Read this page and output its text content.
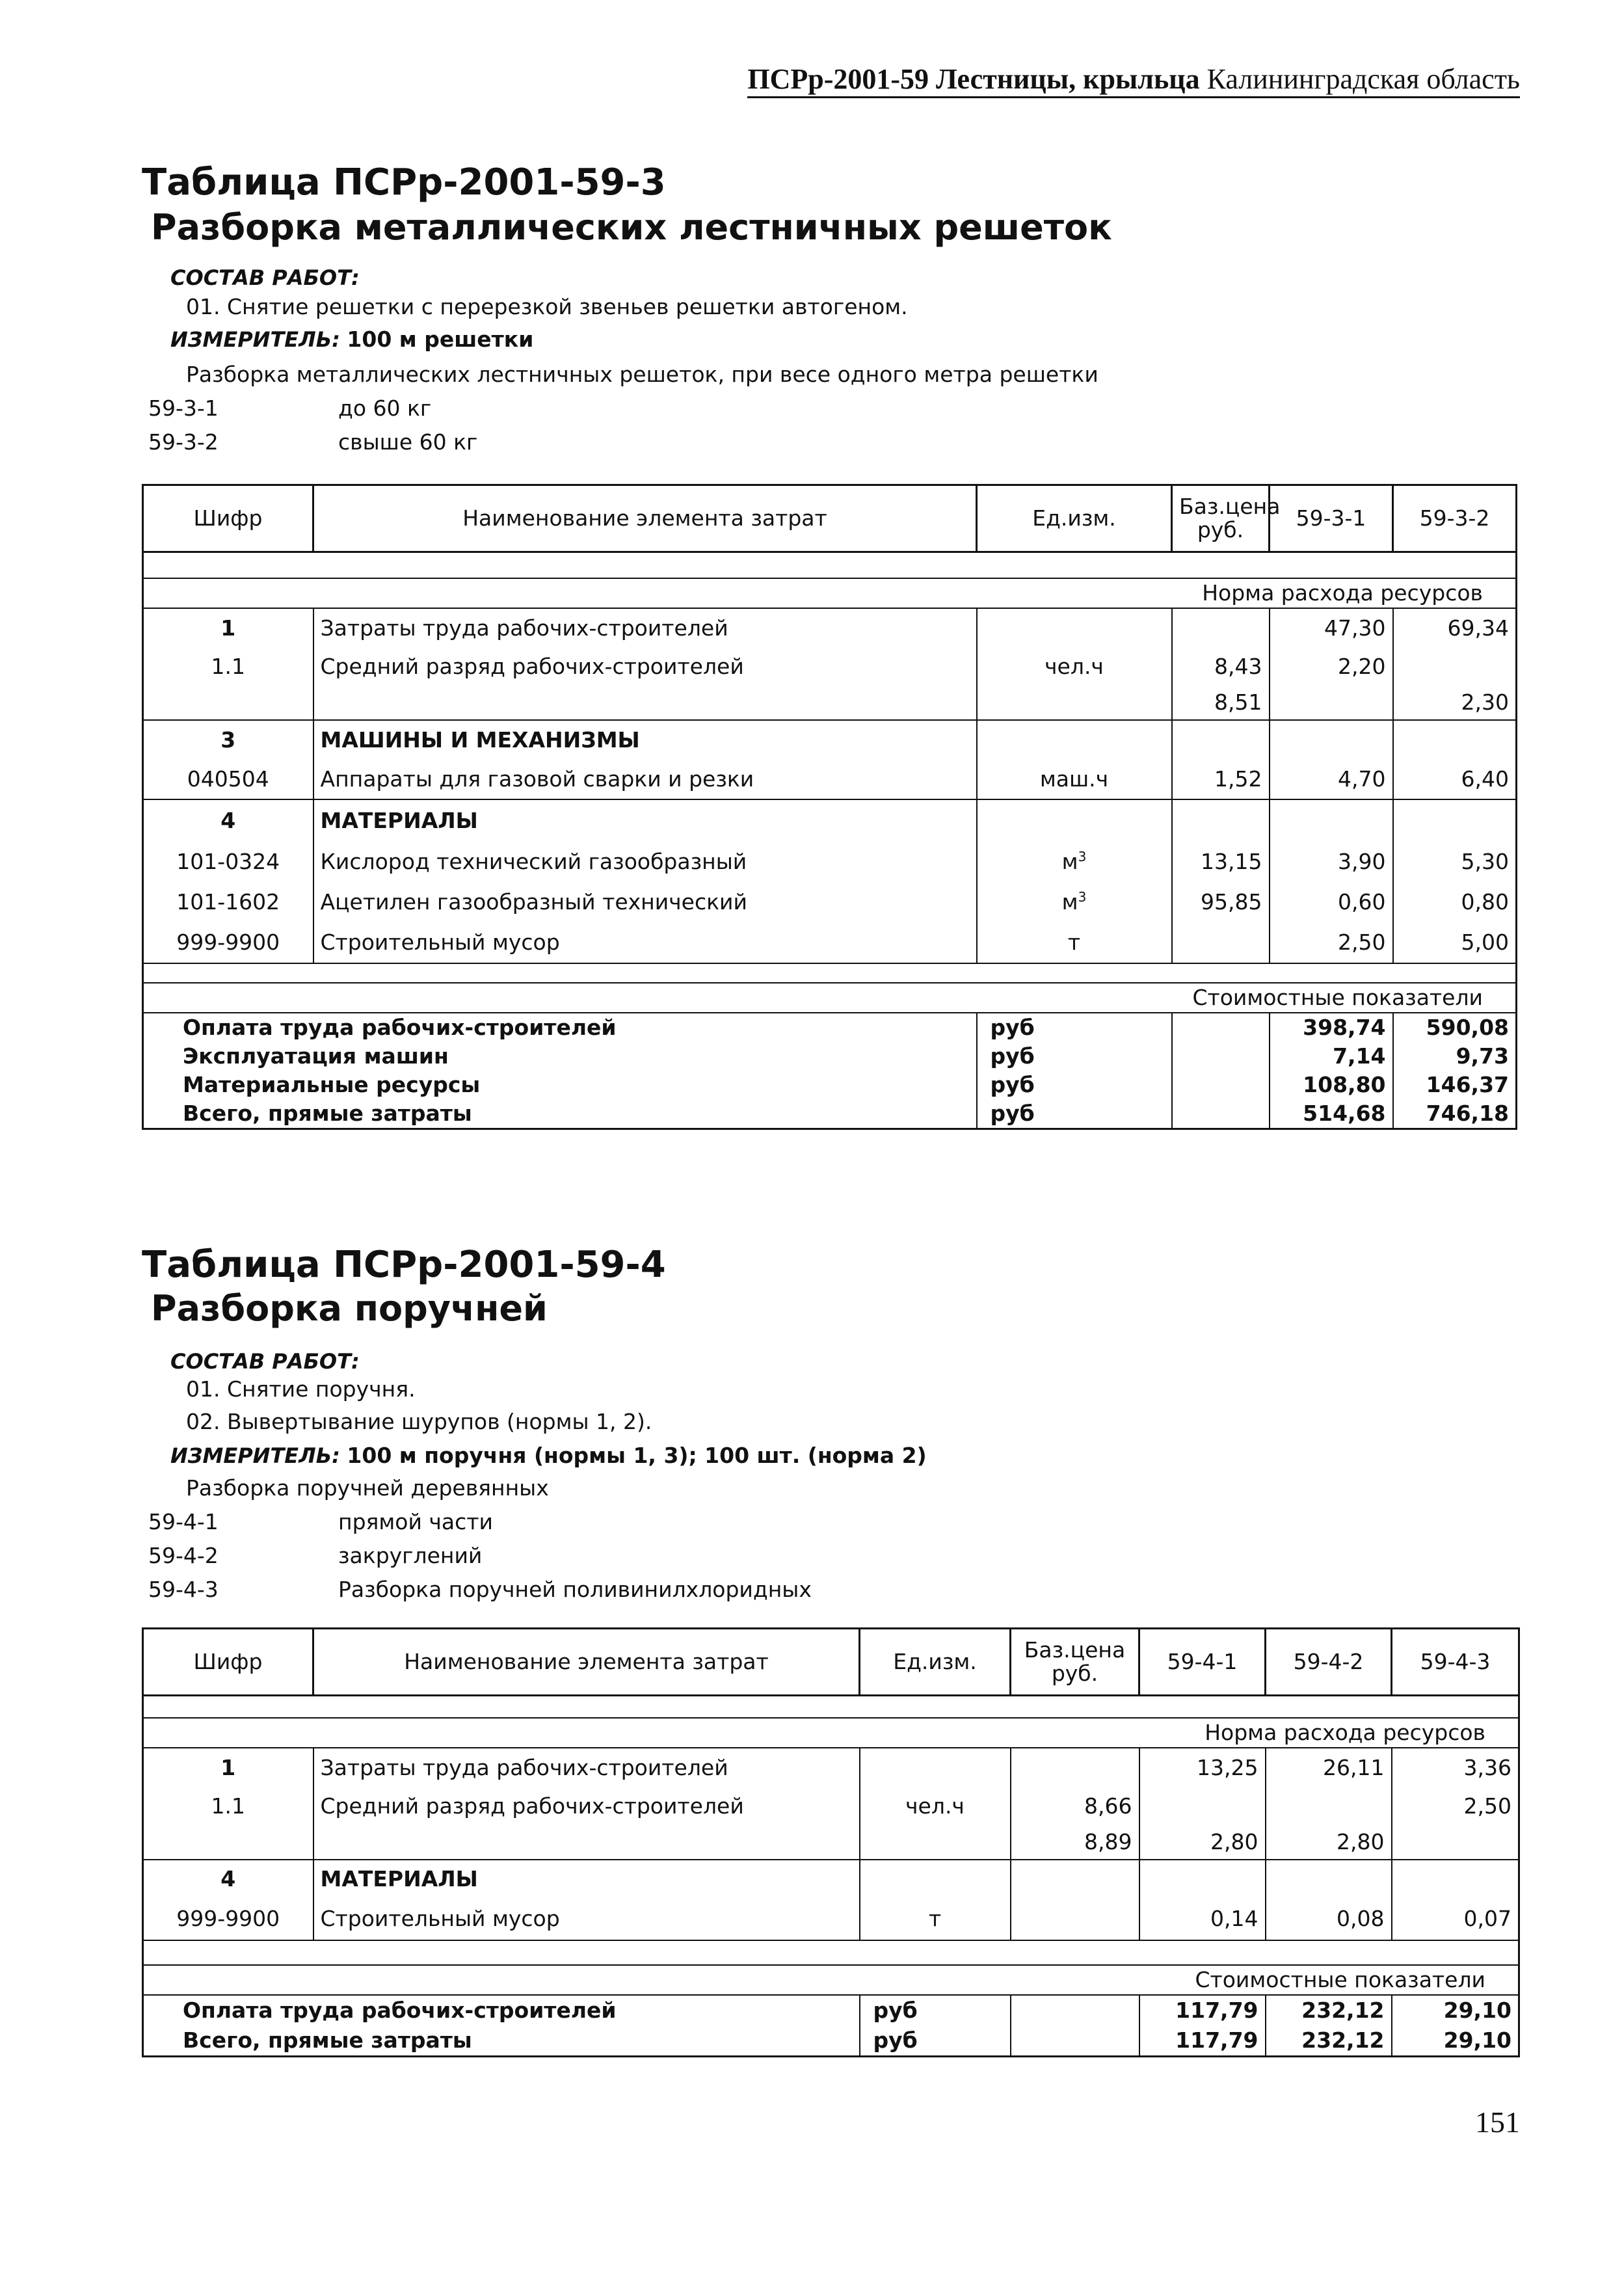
ПСРр-2001-59 Лестницы, крыльца Калининградская область
Таблица ПСРр-2001-59-3
Разборка металлических лестничных решеток
СОСТАВ РАБОТ:
01. Снятие решетки с перерезкой звеньев решетки автогеном.
ИЗМЕРИТЕЛЬ: 100 м решетки
Разборка металлических лестничных решеток, при весе одного метра решетки
59-3-1	до 60 кг
59-3-2	свыше 60 кг
Шифр	Наименование элемента затрат	Ед.изм.	Баз.цена руб.	59-3-1	59-3-2

Норма расхода ресурсов					
1	Затраты труда рабочих-строителей			47,30	69,34
1.1	Средний разряд рабочих-строителей	чел.ч	8,43	2,20	
			8,51		2,30
3	МАШИНЫ И МЕХАНИЗМЫ				
040504	Аппараты для газовой сварки и резки	маш.ч	1,52	4,70	6,40
4	МАТЕРИАЛЫ				
101-0324	Кислород технический газообразный	$м^3$	13,15	3,90	5,30
101-1602	Ацетилен газообразный технический	$м^3$	95,85	0,60	0,80
999-9900	Строительный мусор	т		2,50	5,00

Стоимостные показатели					
Оплата труда рабочих-строителей		руб		398,74	590,08
Эксплуатация машин		руб		7,14	9,73
Материальные ресурсы		руб		108,80	146,37
Всего, прямые затраты		руб		514,68	746,18
Таблица ПСРр-2001-59-4
Разборка поручней
СОСТАВ РАБОТ:
01. Снятие поручня.
02. Вывертывание шурупов (нормы 1, 2).
ИЗМЕРИТЕЛЬ: 100 м поручня (нормы 1, 3); 100 шт. (норма 2)
Разборка поручней деревянных
59-4-1	прямой части
59-4-2	закруглений
59-4-3	Разборка поручней поливинилхлоридных
Шифр	Наименование элемента затрат	Ед.изм.	Баз.цена руб.	59-4-1	59-4-2	59-4-3

Норма расхода ресурсов						
1	Затраты труда рабочих-строителей			13,25	26,11	3,36
1.1	Средний разряд рабочих-строителей	чел.ч	8,66			2,50
			8,89	2,80	2,80	
4	МАТЕРИАЛЫ					
999-9900	Строительный мусор	т		0,14	0,08	0,07

Стоимостные показатели						
Оплата труда рабочих-строителей		руб		117,79	232,12	29,10
Всего, прямые затраты		руб		117,79	232,12	29,10
151
